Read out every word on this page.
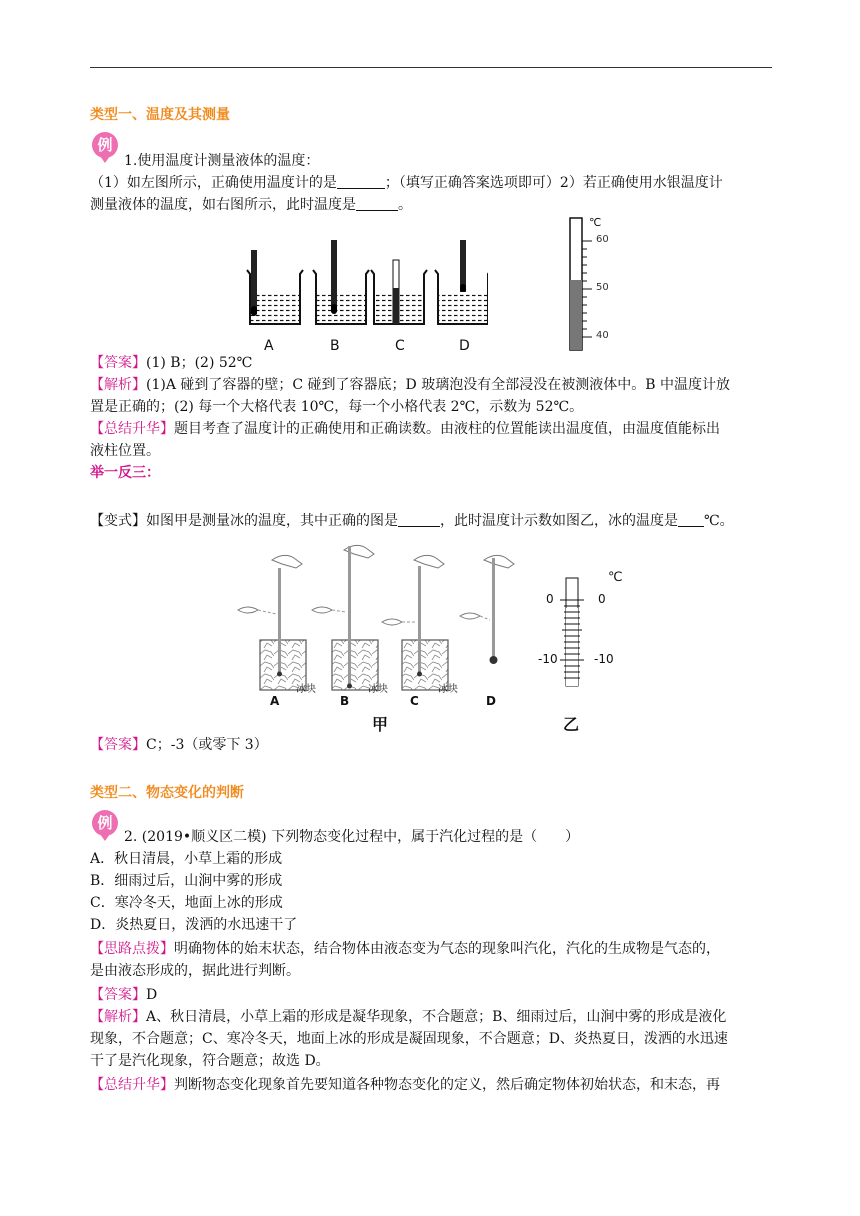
类型一、温度及其测量
例
1.使用温度计测量液体的温度：
（1）如左图所示，正确使用温度计的是	；（填写正确答案选项即可）2）若正确使用水银温度计
测量液体的温度，如右图所示，此时温度是	。
A	B	C	D
℃
60
50
40
【答案】(1) B；(2) 52℃
【解析】(1)A 碰到了容器的壁；C 碰到了容器底；D 玻璃泡没有全部浸没在被测液体中。B 中温度计放
置是正确的；(2) 每一个大格代表 10℃，每一个小格代表 2℃，示数为 52℃。
【总结升华】题目考查了温度计的正确使用和正确读数。由液柱的位置能读出温度值，由温度值能标出
液柱位置。
举一反三：
【变式】如图甲是测量冰的温度，其中正确的图是	，此时温度计示数如图乙，冰的温度是 ℃。
冰块	冰块	冰块
A	B	C	D
甲
0
-10
0
-10
℃
乙
【答案】C；-3（或零下 3）
类型二、物态变化的判断
例
2. (2019•顺义区二模) 下列物态变化过程中，属于汽化过程的是（　　）
A．秋日清晨，小草上霜的形成
B．细雨过后，山涧中雾的形成
C．寒冷冬天，地面上冰的形成
D．炎热夏日，泼洒的水迅速干了
【思路点拨】明确物体的始末状态，结合物体由液态变为气态的现象叫汽化，汽化的生成物是气态的，
是由液态形成的，据此进行判断。
【答案】D
【解析】A、秋日清晨，小草上霜的形成是凝华现象，不合题意；B、细雨过后，山涧中雾的形成是液化
现象，不合题意；C、寒冷冬天，地面上冰的形成是凝固现象，不合题意；D、炎热夏日，泼洒的水迅速
干了是汽化现象，符合题意；故选 D。
【总结升华】判断物态变化现象首先要知道各种物态变化的定义，然后确定物体初始状态，和末态，再
